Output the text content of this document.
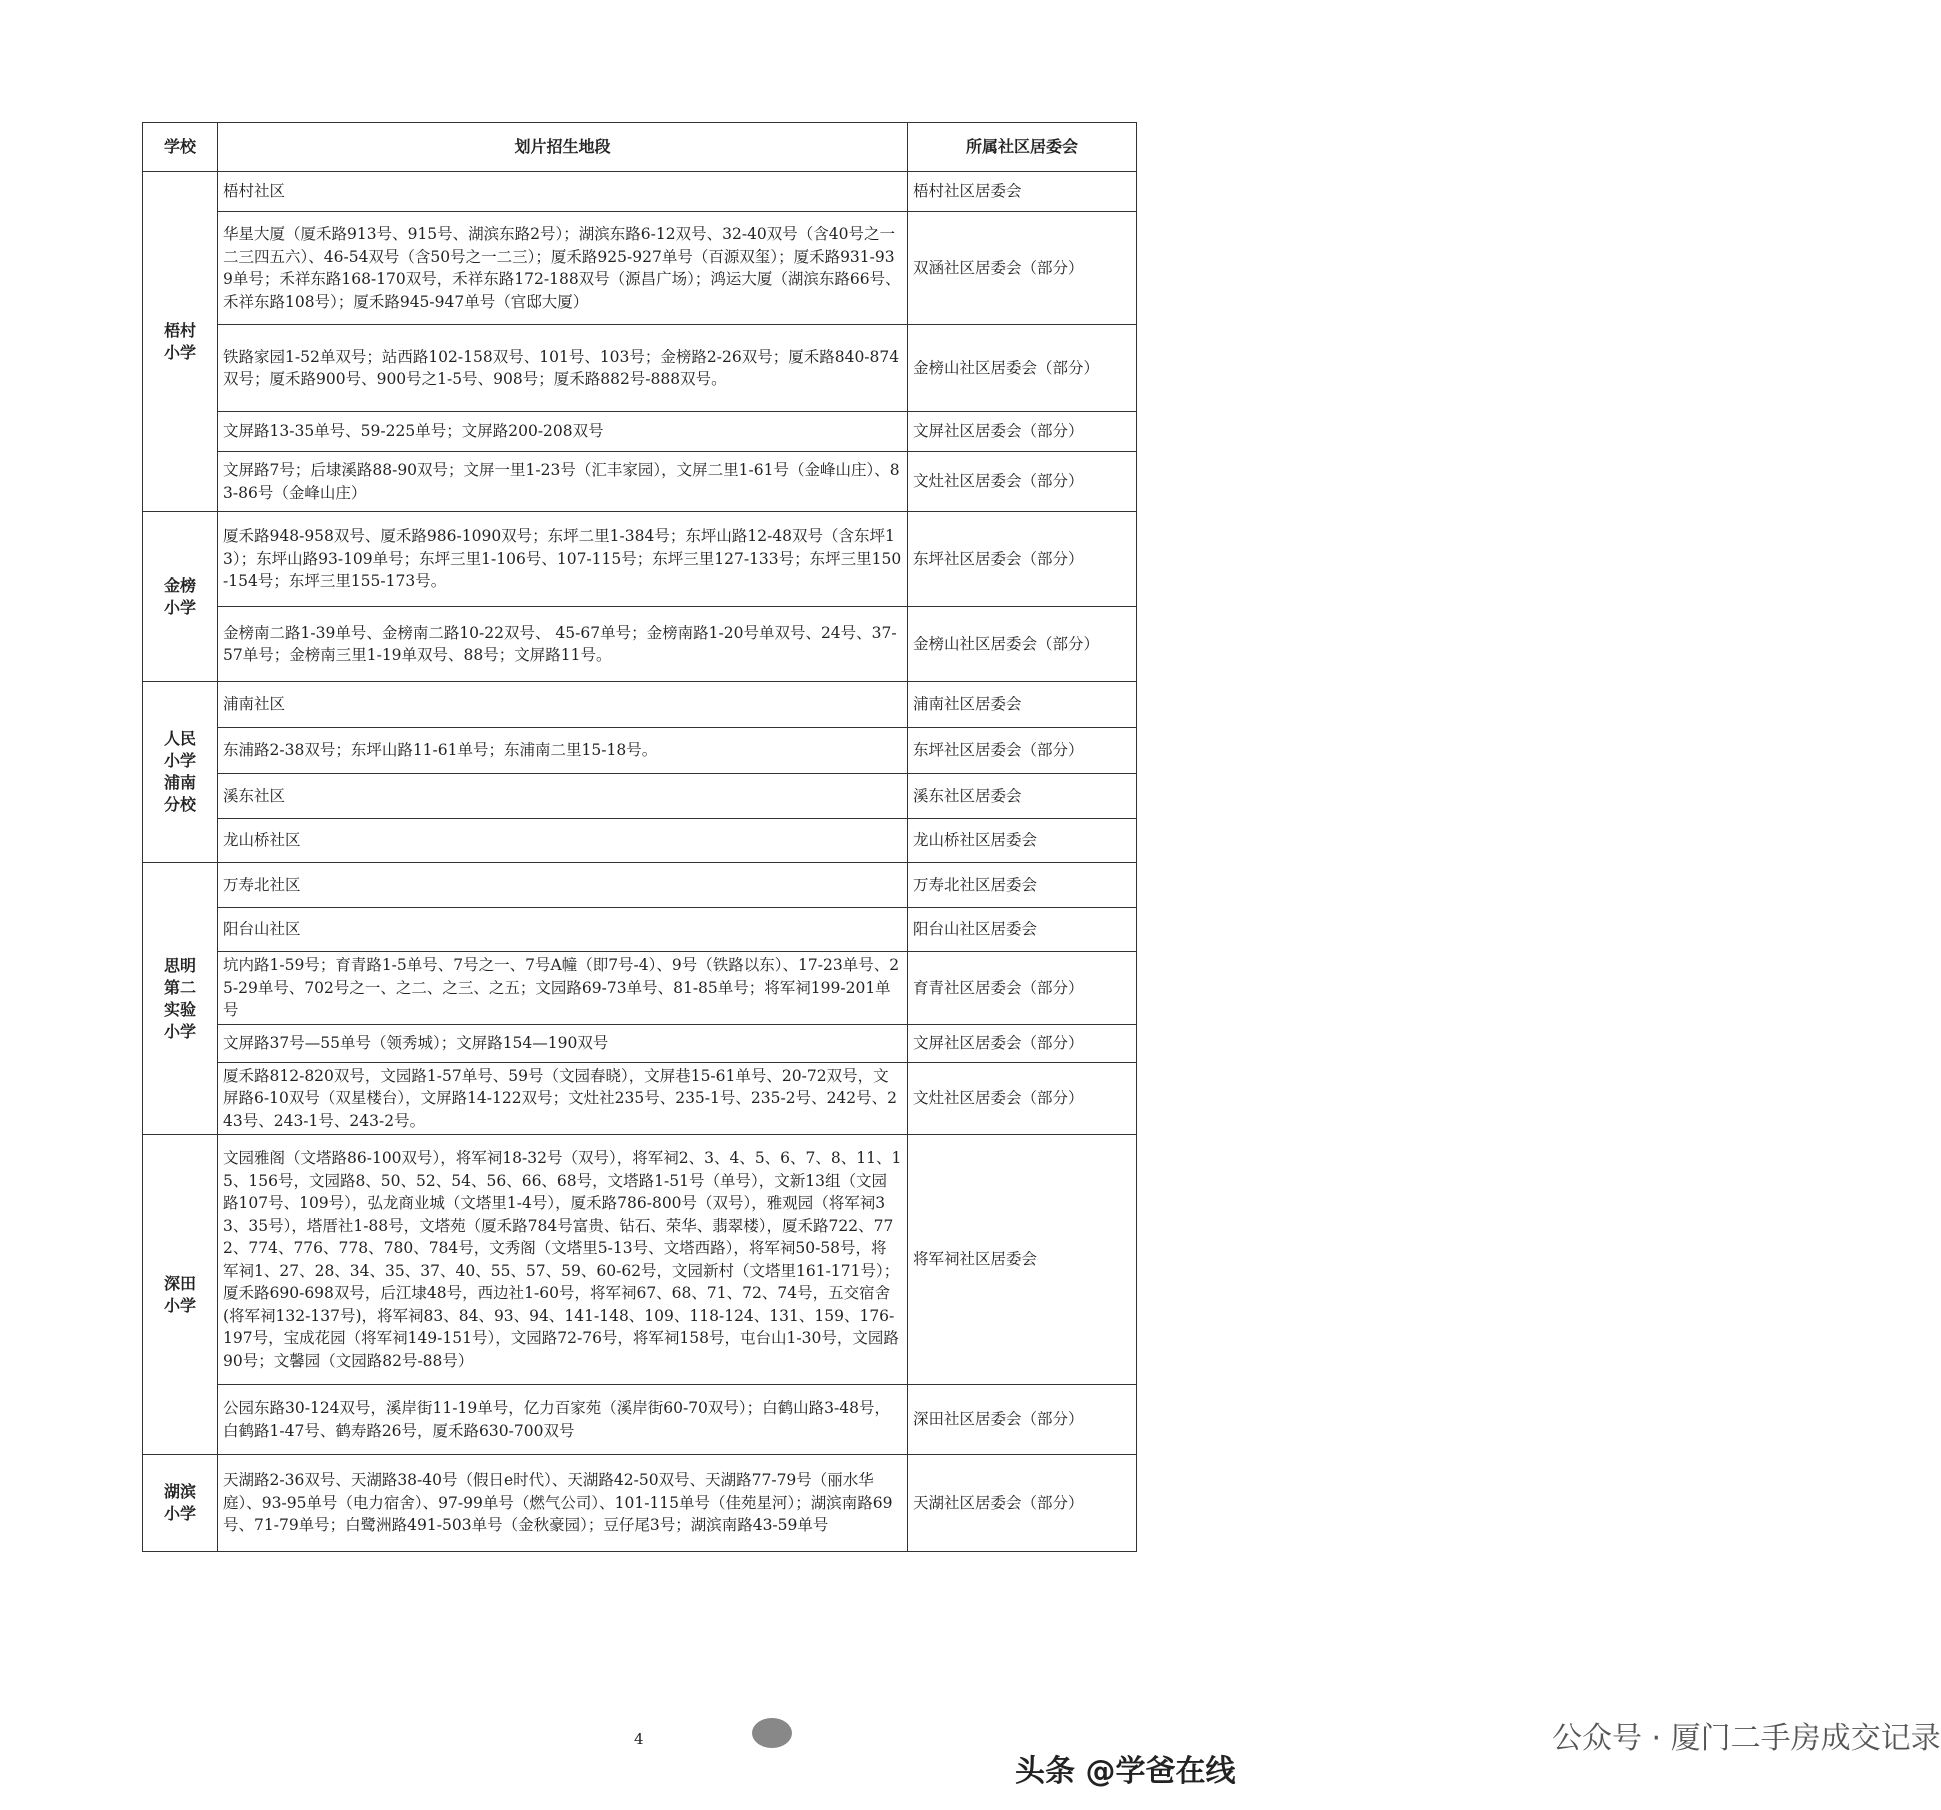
学校	划片招生地段	所属社区居委会
梧村小学	梧村社区	梧村社区居委会
	华星大厦（厦禾路913号、915号、湖滨东路2号）；湖滨东路6-12双号、32-40双号（含40号之一二三四五六）、46-54双号（含50号之一二三）；厦禾路925-927单号（百源双玺）；厦禾路931-939单号；禾祥东路168-170双号，禾祥东路172-188双号（源昌广场）；鸿运大厦（湖滨东路66号、禾祥东路108号）；厦禾路945-947单号（官邸大厦）	双涵社区居委会（部分）
	铁路家园1-52单双号；站西路102-158双号、101号、103号；金榜路2-26双号；厦禾路840-874双号；厦禾路900号、900号之1-5号、908号；厦禾路882号-888双号。	金榜山社区居委会（部分）
	文屏路13-35单号、59-225单号；文屏路200-208双号	文屏社区居委会（部分）
	文屏路7号；后埭溪路88-90双号；文屏一里1-23号（汇丰家园），文屏二里1-61号（金峰山庄）、83-86号（金峰山庄）	文灶社区居委会（部分）
金榜小学	厦禾路948-958双号、厦禾路986-1090双号；东坪二里1-384号；东坪山路12-48双号（含东坪13）；东坪山路93-109单号；东坪三里1-106号、107-115号；东坪三里127-133号；东坪三里150-154号；东坪三里155-173号。	东坪社区居委会（部分）
	金榜南二路1-39单号、金榜南二路10-22双号、 45-67单号；金榜南路1-20号单双号、24号、37-57单号；金榜南三里1-19单双号、88号；文屏路11号。	金榜山社区居委会（部分）
人民小学浦南分校	浦南社区	浦南社区居委会
	东浦路2-38双号；东坪山路11-61单号；东浦南二里15-18号。	东坪社区居委会（部分）
	溪东社区	溪东社区居委会
	龙山桥社区	龙山桥社区居委会
思明第二实验小学	万寿北社区	万寿北社区居委会
	阳台山社区	阳台山社区居委会
	坑内路1-59号；育青路1-5单号、7号之一、7号A幢（即7号-4）、9号（铁路以东）、17-23单号、25-29单号、702号之一、之二、之三、之五；文园路69-73单号、81-85单号；将军祠199-201单号	育青社区居委会（部分）
	文屏路37号—55单号（领秀城）；文屏路154—190双号	文屏社区居委会（部分）
	厦禾路812-820双号，文园路1-57单号、59号（文园春晓），文屏巷15-61单号、20-72双号，文屏路6-10双号（双星楼台），文屏路14-122双号；文灶社235号、235-1号、235-2号、242号、243号、243-1号、243-2号。	文灶社区居委会（部分）
深田小学	文园雅阁（文塔路86-100双号），将军祠18-32号（双号），将军祠2、3、4、5、6、7、8、11、15、156号，文园路8、50、52、54、56、66、68号，文塔路1-51号（单号），文新13组（文园路107号、109号），弘龙商业城（文塔里1-4号），厦禾路786-800号（双号），雅观园（将军祠33、35号），塔厝社1-88号，文塔苑（厦禾路784号富贵、钻石、荣华、翡翠楼），厦禾路722、772、774、776、778、780、784号，文秀阁（文塔里5-13号、文塔西路），将军祠50-58号，将军祠1、27、28、34、35、37、40、55、57、59、60-62号，文园新村（文塔里161-171号）；厦禾路690-698双号，后江埭48号，西边社1-60号，将军祠67、68、71、72、74号，五交宿舍(将军祠132-137号)，将军祠83、84、93、94、141-148、109、118-124、131、159、176-197号，宝成花园（将军祠149-151号），文园路72-76号，将军祠158号，屯台山1-30号，文园路90号；文馨园（文园路82号-88号）	将军祠社区居委会
	公园东路30-124双号，溪岸街11-19单号，亿力百家苑（溪岸街60-70双号）；白鹤山路3-48号，白鹤路1-47号、鹤寿路26号，厦禾路630-700双号	深田社区居委会（部分）
湖滨小学	天湖路2-36双号、天湖路38-40号（假日e时代）、天湖路42-50双号、天湖路77-79号（丽水华庭）、93-95单号（电力宿舍）、97-99单号（燃气公司）、101-115单号（佳苑星河）；湖滨南路69号、71-79单号；白鹭洲路491-503单号（金秋豪园）；豆仔尾3号；湖滨南路43-59单号	天湖社区居委会（部分）
4	公众号 · 厦门二手房成交记录
头条 @学爸在线
